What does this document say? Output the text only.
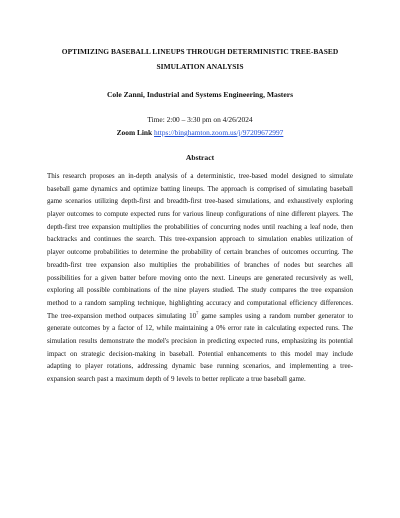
OPTIMIZING BASEBALL LINEUPS THROUGH DETERMINISTIC TREE-BASED SIMULATION ANALYSIS
Cole Zanni, Industrial and Systems Engineering, Masters
Time: 2:00 – 3:30 pm on 4/26/2024
Zoom Link https://binghamton.zoom.us/j/97209672997
Abstract
This research proposes an in-depth analysis of a deterministic, tree-based model designed to simulate baseball game dynamics and optimize batting lineups. The approach is comprised of simulating baseball game scenarios utilizing depth-first and breadth-first tree-based simulations, and exhaustively exploring player outcomes to compute expected runs for various lineup configurations of nine different players. The depth-first tree expansion multiplies the probabilities of concurring nodes until reaching a leaf node, then backtracks and continues the search. This tree-expansion approach to simulation enables utilization of player outcome probabilities to determine the probability of certain branches of outcomes occurring. The breadth-first tree expansion also multiplies the probabilities of branches of nodes but searches all possibilities for a given batter before moving onto the next. Lineups are generated recursively as well, exploring all possible combinations of the nine players studied. The study compares the tree expansion method to a random sampling technique, highlighting accuracy and computational efficiency differences. The tree-expansion method outpaces simulating $10^7$ game samples using a random number generator to generate outcomes by a factor of 12, while maintaining a 0% error rate in calculating expected runs. The simulation results demonstrate the model's precision in predicting expected runs, emphasizing its potential impact on strategic decision-making in baseball. Potential enhancements to this model may include adapting to player rotations, addressing dynamic base running scenarios, and implementing a tree-expansion search past a maximum depth of 9 levels to better replicate a true baseball game.
